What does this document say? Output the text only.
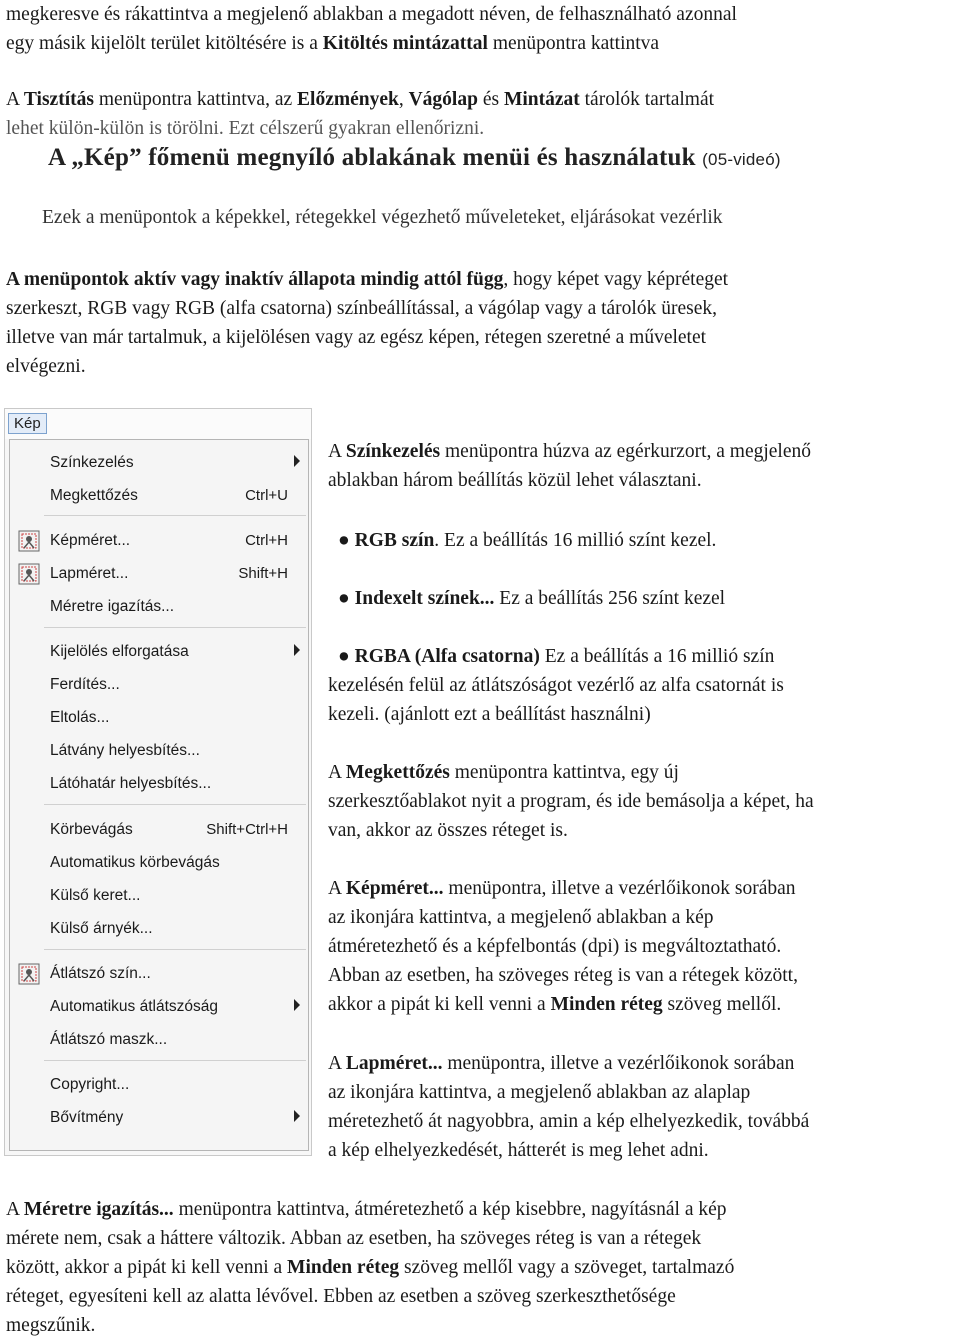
megkeresve és rákattintva a megjelenő ablakban a megadott néven, de felhasználható azonnal
egy másik kijelölt terület kitöltésére is a Kitöltés mintázattal menüpontra kattintva

A Tisztítás menüpontra kattintva, az Előzmények, Vágólap és Mintázat tárolók tartalmát
lehet külön-külön is törölni. Ezt célszerű gyakran ellenőrizni.

A „Kép” főmenü megnyíló ablakának menüi és használatuk (05-videó)
Ezek a menüpontok a képekkel, rétegekkel végezhető műveleteket, eljárásokat vezérlik

A menüpontok aktív vagy inaktív állapota mindig attól függ, hogy képet vagy képréteget
szerkeszt, RGB vagy RGB (alfa csatorna) színbeállítással, a vágólap vagy a tárolók üresek,
illetve van már tartalmuk, a kijelölésen vagy az egész képen, rétegen szeretné a műveletet
elvégezni.

Kép
Színkezelés
Megkettőzés	Ctrl+U
Képméret...	Ctrl+H
Lapméret...	Shift+H
Méretre igazítás...
Kijelölés elforgatása
Ferdítés...
Eltolás...
Látvány helyesbítés...
Látóhatár helyesbítés...
Körbevágás	Shift+Ctrl+H
Automatikus körbevágás
Külső keret...
Külső árnyék...
Átlátszó szín...
Automatikus átlátszóság
Átlátszó maszk...
Copyright...
Bővítmény

A Színkezelés menüpontra húzva az egérkurzort, a megjelenő
ablakban három beállítás közül lehet választani.

● RGB szín. Ez a beállítás 16 millió színt kezel.
● Indexelt színek... Ez a beállítás 256 színt kezel
● RGBA (Alfa csatorna) Ez a beállítás a 16 millió szín

kezelésén felül az átlátszóságot vezérlő az alfa csatornát is
kezeli. (ajánlott ezt a beállítást használni)

A Megkettőzés menüpontra kattintva, egy új
szerkesztőablakot nyit a program, és ide bemásolja a képet, ha
van, akkor az összes réteget is.

A Képméret... menüpontra, illetve a vezérlőikonok sorában
az ikonjára kattintva, a megjelenő ablakban a kép
átméretezhető és a képfelbontás (dpi) is megváltoztatható.
Abban az esetben, ha szöveges réteg is van a rétegek között,
akkor a pipát ki kell venni a Minden réteg szöveg mellől.

A Lapméret... menüpontra, illetve a vezérlőikonok sorában
az ikonjára kattintva, a megjelenő ablakban az alaplap
méretezhető át nagyobbra, amin a kép elhelyezkedik, továbbá
a kép elhelyezkedését, hátterét is meg lehet adni.

A Méretre igazítás... menüpontra kattintva, átméretezhető a kép kisebbre, nagyításnál a kép
mérete nem, csak a háttere változik. Abban az esetben, ha szöveges réteg is van a rétegek
között, akkor a pipát ki kell venni a Minden réteg szöveg mellől vagy a szöveget, tartalmazó
réteget, egyesíteni kell az alatta lévővel. Ebben az esetben a szöveg szerkeszthetősége
megszűnik.
